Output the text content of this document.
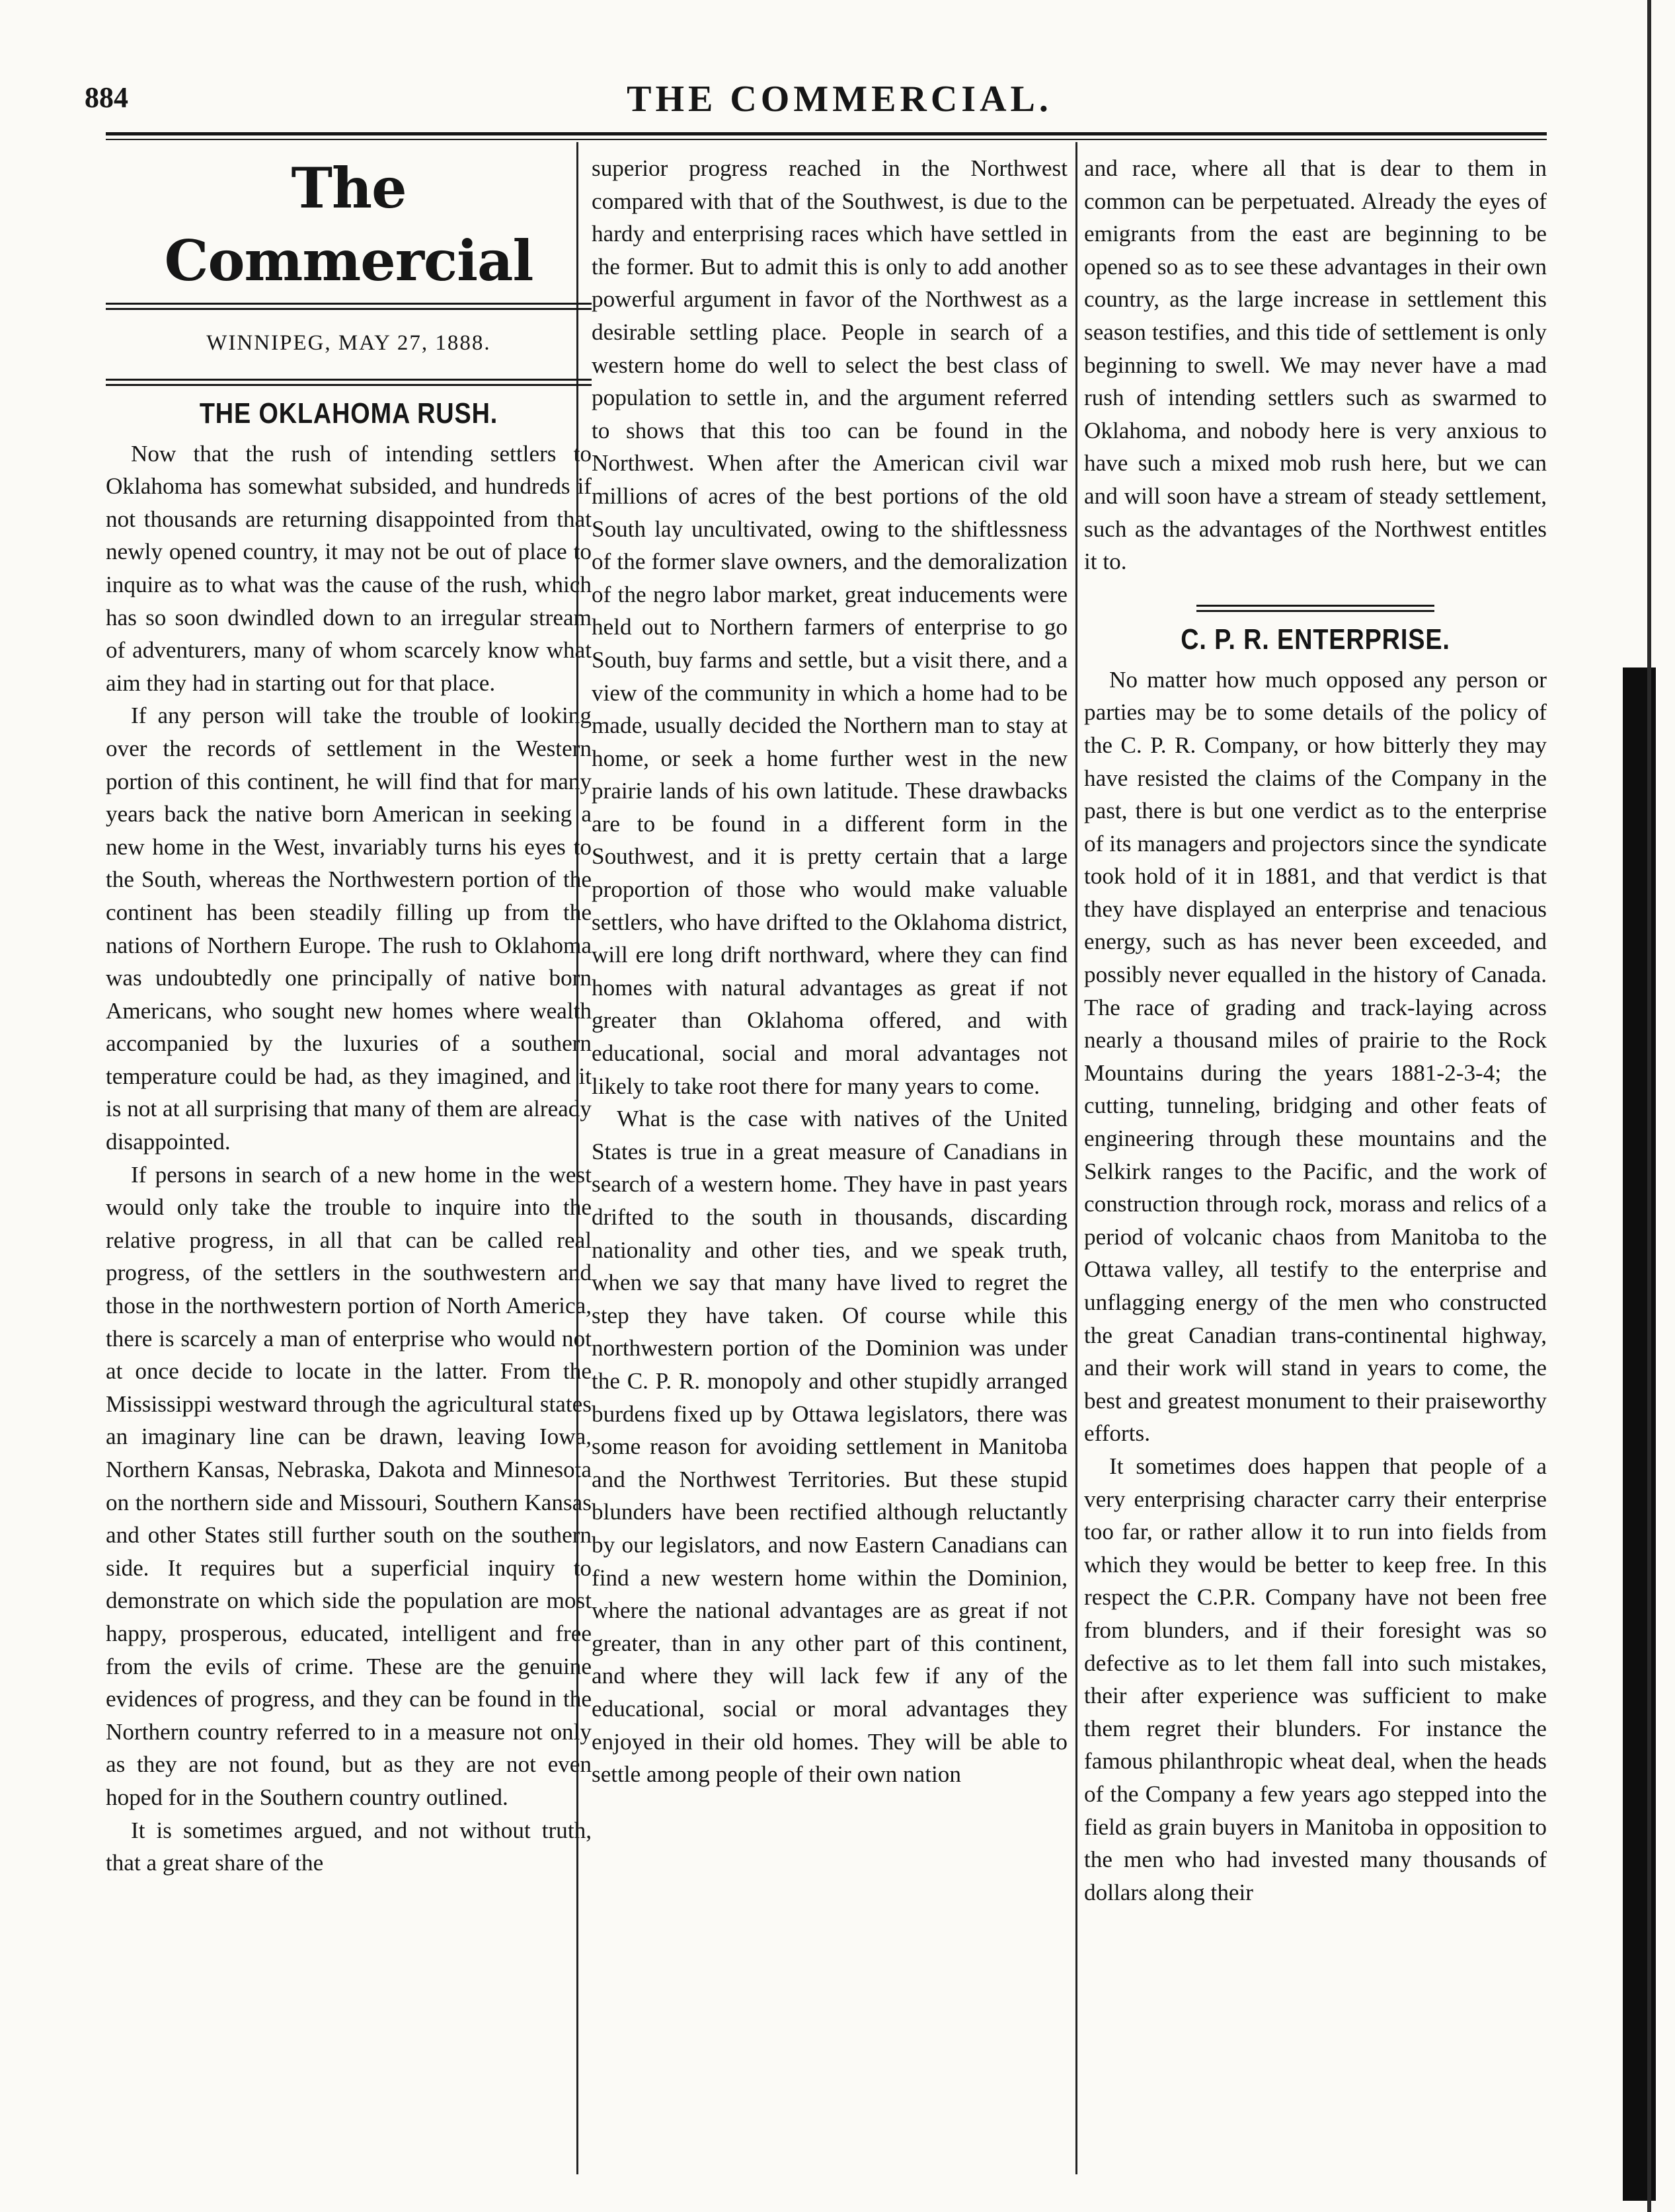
884	THE COMMERCIAL.
The Commercial
WINNIPEG, MAY 27, 1888.
THE OKLAHOMA RUSH.

Now that the rush of intending settlers to Oklahoma has somewhat subsided, and hundreds if not thousands are returning disappointed from that newly opened country, it may not be out of place to inquire as to what was the cause of the rush, which has so soon dwindled down to an irregular stream of adventurers, many of whom scarcely know what aim they had in starting out for that place.

If any person will take the trouble of looking over the records of settlement in the Western portion of this continent, he will find that for many years back the native born American in seeking a new home in the West, invariably turns his eyes to the South, whereas the Northwestern portion of the continent has been steadily filling up from the nations of Northern Europe. The rush to Oklahoma was undoubtedly one principally of native born Americans, who sought new homes where wealth accompanied by the luxuries of a southern temperature could be had, as they imagined, and it is not at all surprising that many of them are already disappointed.

If persons in search of a new home in the west would only take the trouble to inquire into the relative progress, in all that can be called real progress, of the settlers in the southwestern and those in the northwestern portion of North America, there is scarcely a man of enterprise who would not at once decide to locate in the latter. From the Mississippi westward through the agricultural states an imaginary line can be drawn, leaving Iowa, Northern Kansas, Nebraska, Dakota and Minnesota on the northern side and Missouri, Southern Kansas and other States still further south on the southern side. It requires but a superficial inquiry to demonstrate on which side the population are most happy, prosperous, educated, intelligent and free from the evils of crime. These are the genuine evidences of progress, and they can be found in the Northern country referred to in a measure not only as they are not found, but as they are not even hoped for in the Southern country outlined.

It is sometimes argued, and not without truth, that a great share of the

superior progress reached in the Northwest compared with that of the Southwest, is due to the hardy and enterprising races which have settled in the former. But to admit this is only to add another powerful argument in favor of the Northwest as a desirable settling place. People in search of a western home do well to select the best class of population to settle in, and the argument referred to shows that this too can be found in the Northwest. When after the American civil war millions of acres of the best portions of the old South lay uncultivated, owing to the shiftlessness of the former slave owners, and the demoralization of the negro labor market, great inducements were held out to Northern farmers of enterprise to go South, buy farms and settle, but a visit there, and a view of the community in which a home had to be made, usually decided the Northern man to stay at home, or seek a home further west in the new prairie lands of his own latitude. These drawbacks are to be found in a different form in the Southwest, and it is pretty certain that a large proportion of those who would make valuable settlers, who have drifted to the Oklahoma district, will ere long drift northward, where they can find homes with natural advantages as great if not greater than Oklahoma offered, and with educational, social and moral advantages not likely to take root there for many years to come.

What is the case with natives of the United States is true in a great measure of Canadians in search of a western home. They have in past years drifted to the south in thousands, discarding nationality and other ties, and we speak truth, when we say that many have lived to regret the step they have taken. Of course while this northwestern portion of the Dominion was under the C. P. R. monopoly and other stupidly arranged burdens fixed up by Ottawa legislators, there was some reason for avoiding settlement in Manitoba and the Northwest Territories. But these stupid blunders have been rectified although reluctantly by our legislators, and now Eastern Canadians can find a new western home within the Dominion, where the national advantages are as great if not greater, than in any other part of this continent, and where they will lack few if any of the educational, social or moral advantages they enjoyed in their old homes. They will be able to settle among people of their own nation

and race, where all that is dear to them in common can be perpetuated. Already the eyes of emigrants from the east are beginning to be opened so as to see these advantages in their own country, as the large increase in settlement this season testifies, and this tide of settlement is only beginning to swell. We may never have a mad rush of intending settlers such as swarmed to Oklahoma, and nobody here is very anxious to have such a mixed mob rush here, but we can and will soon have a stream of steady settlement, such as the advantages of the Northwest entitles it to.

C. P. R. ENTERPRISE.

No matter how much opposed any person or parties may be to some details of the policy of the C. P. R. Company, or how bitterly they may have resisted the claims of the Company in the past, there is but one verdict as to the enterprise of its managers and projectors since the syndicate took hold of it in 1881, and that verdict is that they have displayed an enterprise and tenacious energy, such as has never been exceeded, and possibly never equalled in the history of Canada. The race of grading and track-laying across nearly a thousand miles of prairie to the Rock Mountains during the years 1881-2-3-4; the cutting, tunneling, bridging and other feats of engineering through these mountains and the Selkirk ranges to the Pacific, and the work of construction through rock, morass and relics of a period of volcanic chaos from Manitoba to the Ottawa valley, all testify to the enterprise and unflagging energy of the men who constructed the great Canadian trans-continental highway, and their work will stand in years to come, the best and greatest monument to their praiseworthy efforts.

It sometimes does happen that people of a very enterprising character carry their enterprise too far, or rather allow it to run into fields from which they would be better to keep free. In this respect the C.P.R. Company have not been free from blunders, and if their foresight was so defective as to let them fall into such mistakes, their after experience was sufficient to make them regret their blunders. For instance the famous philanthropic wheat deal, when the heads of the Company a few years ago stepped into the field as grain buyers in Manitoba in opposition to the men who had invested many thousands of dollars along their
